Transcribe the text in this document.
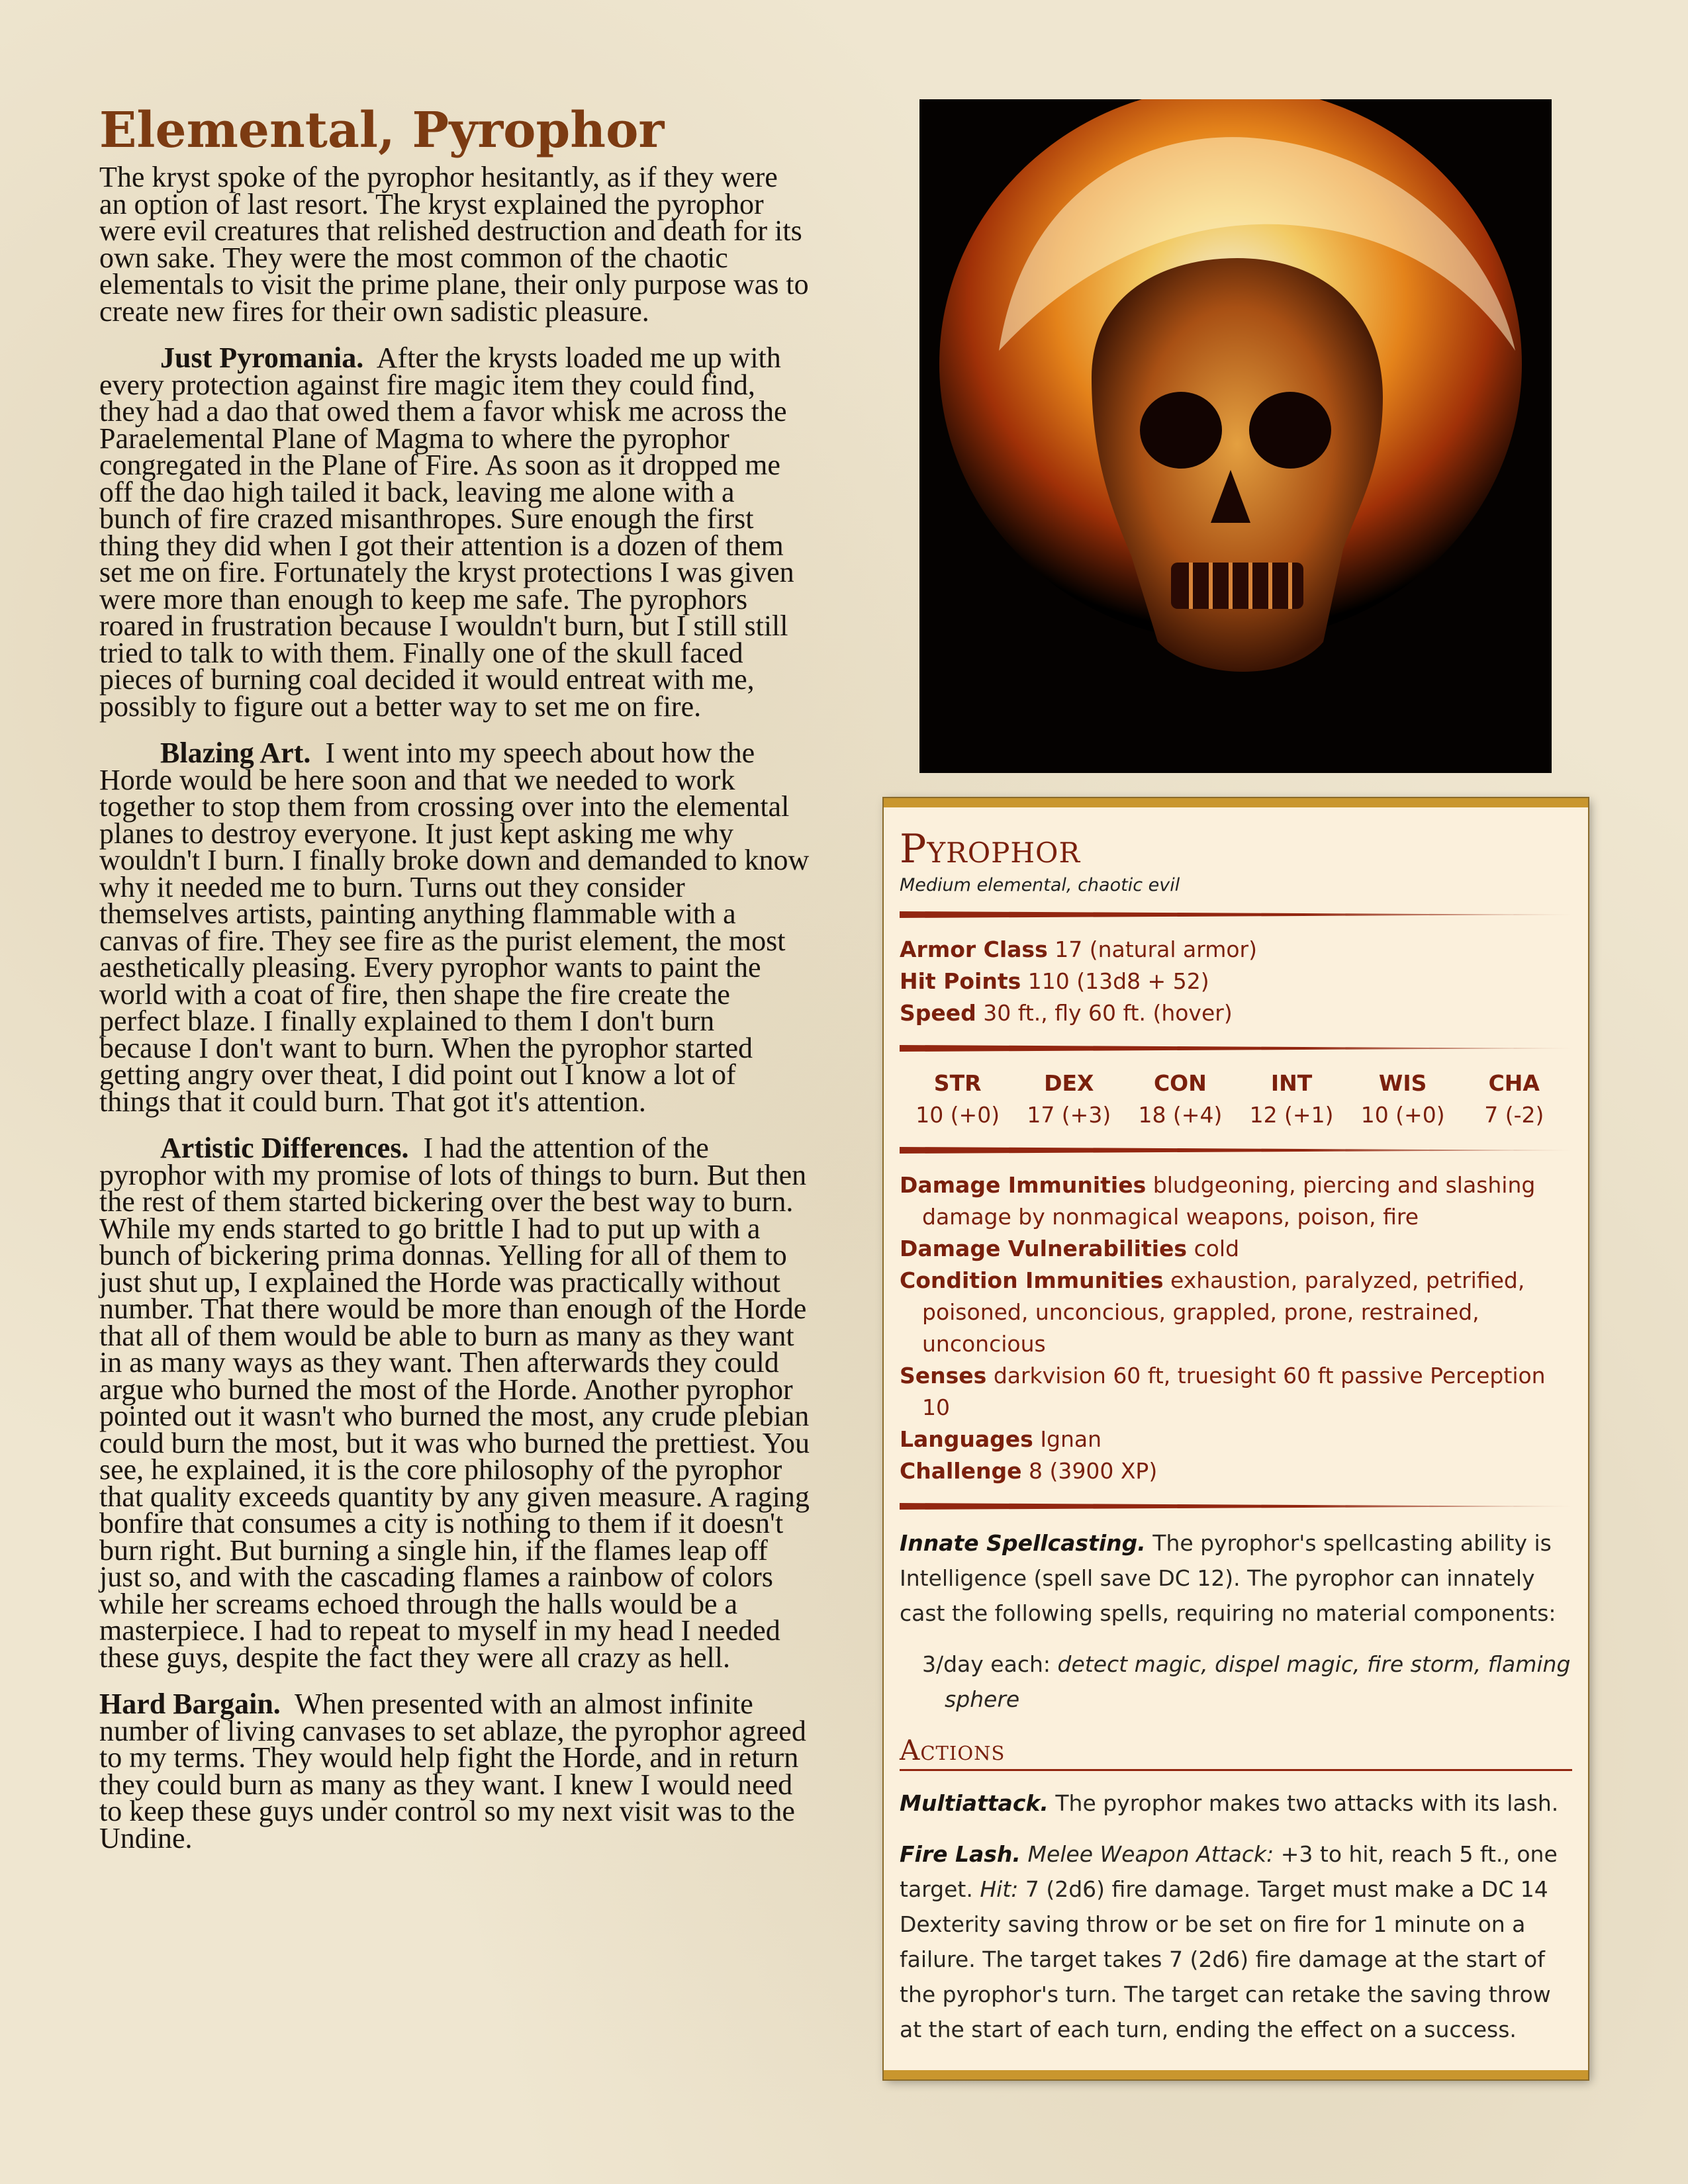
Elemental, Pyrophor

The kryst spoke of the pyrophor hesitantly, as if they were an option of last resort. The kryst explained the pyrophor were evil creatures that relished destruction and death for its own sake. They were the most common of the chaotic elementals to visit the prime plane, their only purpose was to create new fires for their own sadistic pleasure.

Just Pyromania. After the krysts loaded me up with every protection against fire magic item they could find, they had a dao that owed them a favor whisk me across the Paraelemental Plane of Magma to where the pyrophor congregated in the Plane of Fire. As soon as it dropped me off the dao high tailed it back, leaving me alone with a bunch of fire crazed misanthropes. Sure enough the first thing they did when I got their attention is a dozen of them set me on fire. Fortunately the kryst protections I was given were more than enough to keep me safe. The pyrophors roared in frustration because I wouldn't burn, but I still still tried to talk to with them. Finally one of the skull faced pieces of burning coal decided it would entreat with me, possibly to figure out a better way to set me on fire.

Blazing Art. I went into my speech about how the Horde would be here soon and that we needed to work together to stop them from crossing over into the elemental planes to destroy everyone. It just kept asking me why wouldn't I burn. I finally broke down and demanded to know why it needed me to burn. Turns out they consider themselves artists, painting anything flammable with a canvas of fire. They see fire as the purist element, the most aesthetically pleasing. Every pyrophor wants to paint the world with a coat of fire, then shape the fire create the perfect blaze. I finally explained to them I don't burn because I don't want to burn. When the pyrophor started getting angry over theat, I did point out I know a lot of things that it could burn. That got it's attention.

Artistic Differences. I had the attention of the pyrophor with my promise of lots of things to burn. But then the rest of them started bickering over the best way to burn. While my ends started to go brittle I had to put up with a bunch of bickering prima donnas. Yelling for all of them to just shut up, I explained the Horde was practically without number. That there would be more than enough of the Horde that all of them would be able to burn as many as they want in as many ways as they want. Then afterwards they could argue who burned the most of the Horde. Another pyrophor pointed out it wasn't who burned the most, any crude plebian could burn the most, but it was who burned the prettiest. You see, he explained, it is the core philosophy of the pyrophor that quality exceeds quantity by any given measure. A raging bonfire that consumes a city is nothing to them if it doesn't burn right. But burning a single hin, if the flames leap off just so, and with the cascading flames a rainbow of colors while her screams echoed through the halls would be a masterpiece. I had to repeat to myself in my head I needed these guys, despite the fact they were all crazy as hell.

Hard Bargain. When presented with an almost infinite number of living canvases to set ablaze, the pyrophor agreed to my terms. They would help fight the Horde, and in return they could burn as many as they want. I knew I would need to keep these guys under control so my next visit was to the Undine.

Pyrophor
Medium elemental, chaotic evil
Armor Class 17 (natural armor)
Hit Points 110 (13d8 + 52)
Speed 30 ft., fly 60 ft. (hover)
STR
10 (+0)
DEX
17 (+3)
CON
18 (+4)
INT
12 (+1)
WIS
10 (+0)
CHA
7 (-2)
Damage Immunities bludgeoning, piercing and slashing damage by nonmagical weapons, poison, fire
Damage Vulnerabilities cold
Condition Immunities exhaustion, paralyzed, petrified, poisoned, unconcious, grappled, prone, restrained, unconcious
Senses darkvision 60 ft, truesight 60 ft passive Perception 10
Languages Ignan
Challenge 8 (3900 XP)

Innate Spellcasting. The pyrophor's spellcasting ability is Intelligence (spell save DC 12). The pyrophor can innately cast the following spells, requiring no material components:

3/day each: detect magic, dispel magic, fire storm, flaming sphere

Actions

Multiattack. The pyrophor makes two attacks with its lash.

Fire Lash. Melee Weapon Attack: +3 to hit, reach 5 ft., one target. Hit: 7 (2d6) fire damage. Target must make a DC 14 Dexterity saving throw or be set on fire for 1 minute on a failure. The target takes 7 (2d6) fire damage at the start of the pyrophor's turn. The target can retake the saving throw at the start of each turn, ending the effect on a success.
